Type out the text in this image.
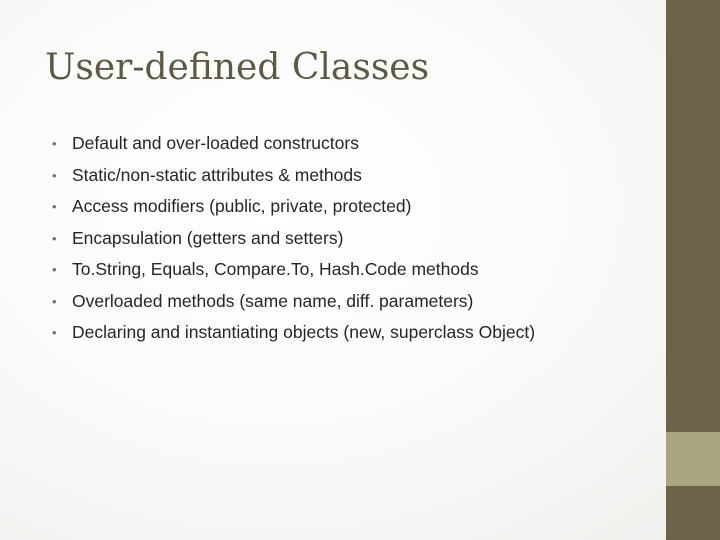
User-defined Classes
• Default and over-loaded constructors
• Static/non-static attributes & methods
• Access modifiers (public, private, protected)
• Encapsulation (getters and setters)
• To.String, Equals, Compare.To, Hash.Code methods
• Overloaded methods (same name, diff. parameters)
• Declaring and instantiating objects (new, superclass Object)
